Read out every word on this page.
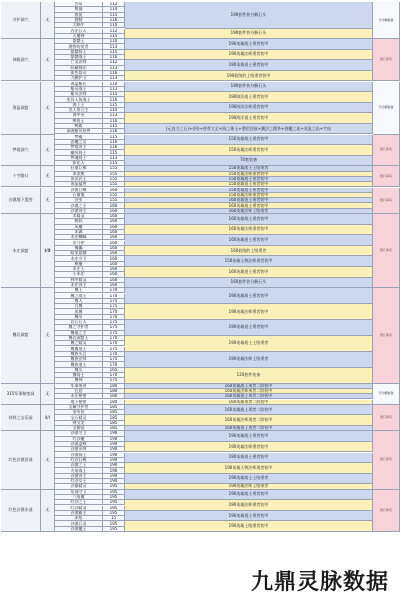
守护洞穴
神殿洞穴
海盗洞窟
梦境洞穴
十字路口
沙漠地下遗迹
木庄洞窟
鹰岩洞窟
315军事秘密洞
材料之宝乐园
红色沙漠西部
红色沙漠东部
无
无
无
无
无
无
Ⅱ/Ⅲ
无
无
Ⅱ/Ⅰ
无
无
吉蒂
熊猫
狼徒
狼贼
大蜗牛
吞法巨人
火魔神
骷髅王
理智的觉者
骷髅骑士
骷髅战士
亡灵法师
卧藏铸印
血色祭司
大鹏护卫
海盗船长
船员战士
船员法师
变异人鱼战士
海上王
美人鱼公主
海中巫
鲸鱼王
鲸鲨
深海船员怪兽
梦魇
恶魔之女
梦境领主
幽冥骑士
梦魂骑士
影化人
狂暴巨熊
冰冻熊
冰冻武士
冰晶猛兽
沙漠巨蝎
石像鬼
沙虫
沙漠之王
沙漠领主
木精灵
树妖
风魔
木偶
木庄蜘蛛
木乃伊
傀儡
暗黑骷髅
木庄守卫
树魔
木庄王
小木庄
林中精灵
木庄领主
鹰王
鹰之战士
鹰人
白鹰
黑鹰
鹰巫
岩石巨人
鹰之守护者
鹰巢之主
鹰岩洞窟王
鹰之精灵
鹰翼战士
鹰族头目
鹰族法师
鹰族道士
鹰爪
鹰骑士
鹰神
军事统领
狂怒
木庄秘密
地下秘密
宝藏守护者
金币怪
宝石精灵
财宝龙
宝箱怪
沙漠守卫
红沙魔
沙漠盗贼
沙漠巫师
沙漠骑士
红沙巨蝎
沙漠之王
火焰战士
沙漠领主
红沙女王
沙暴精灵
东部守卫
八角魔
红沙之王
红沙精灵
沙漠霸主
赤焰
沙漠巨灵
沙漠魔王
112
114
115
116
110
112
115
110
113
115
116
112
113
116
113
110
113
115
116
115
110
113
116
115
116
115
116
116
115
113
115
155
155
155
155
160
155
155
160
160
160
160
160
160
160
160
160
160
160
160
160
160
160
160
170
170
175
175
170
170
175
175
175
170
170
175
170
175
170
165
170
175
180
180
180
180
185
185
185
185
185
190
190
190
190
190
190
190
190
190
190
195
195
195
195
195
195
15
195
195
190套件装分解石头
190套件装分解石头
190英雄战士勇者装甲
190英雄法师勇者装甲
190英雄道士勇者装甲
190低级的上级勇者装甲
190套件装分解石头
190海洋战士勇者装甲
190海洋法师勇者装甲
190海洋道士勇者装甲
(元良力之石)+(四)+兽骨大全+海之珠玉+潜伏回放+潮汐之精华+海魔之血+炎流之焰+宇宙
150英雄战士勇者装甲
150英雄法师勇者装甲
70套装备
150英雄战士上级勇者
150英雄法师勇者装甲
150英雄战士勇者装甲
150英雄道士勇者装甲
150英雄战士勇者装甲
150英雄法师勇者装甲
160英雄道士勇者装甲
160英雄战士勇者装甲
160英雄法师上级勇者
160英雄战士勇者装甲
160英雄法师勇者装甲
160英雄道士勇者装甲
160低级的上级勇者
150英雄人物法师勇者装甲
160英雄道士勇者装甲
160套件装分解石头
190英雄战士勇者装甲
190英雄法师勇者装甲
190英雄道士勇者装甲
190英雄战士上级勇者
190英雄法师上级勇者
120套件装备
160英雄战士勇者二阶装甲
160英雄法师勇者二阶装甲
160英雄道士勇者二阶装甲
160英雄勇者二阶装甲
160英雄战士勇者二阶装甲
160英雄法师勇者二阶装甲
160英雄道士勇者二阶装甲
190英雄战士勇者装甲
190英雄法师勇者装甲
190英雄道士勇者装甲
190英雄人物法师勇者装甲
190英雄战士上级勇者
190英雄法师上级勇者
190英雄战士勇者装甲
190英雄法师勇者装甲
190英雄道士勇者装甲
190英雄上级勇者装甲
无分解装备
低几率有
无分解装备
低几率有
低几率有
低几率有
低几率有
低几率有
无分解装备
低几率有
低几率有
低几率有
九鼎灵脉数据
